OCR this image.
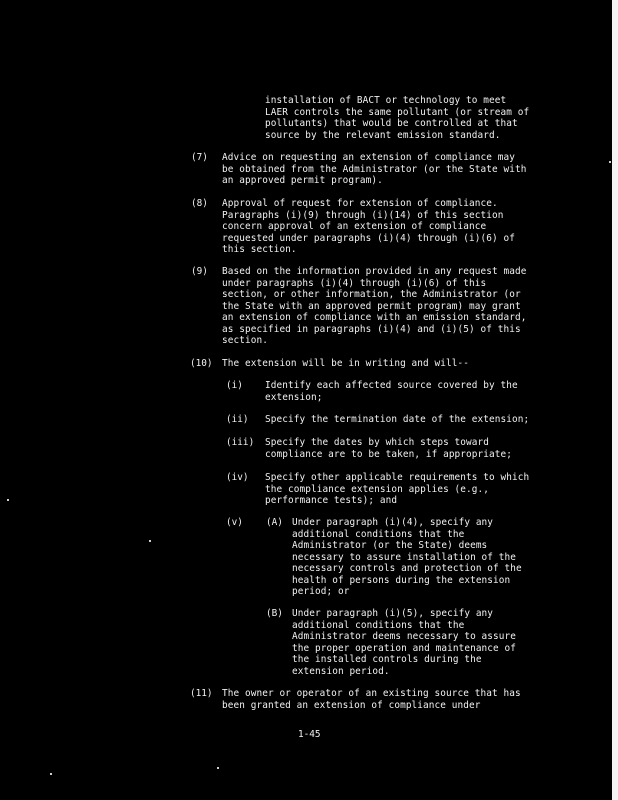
installation of BACT or technology to meet
LAER controls the same pollutant (or stream of
pollutants) that would be controlled at that
source by the relevant emission standard.
(7) Advice on requesting an extension of compliance may
be obtained from the Administrator (or the State with
an approved permit program).
(8) Approval of request for extension of compliance.
Paragraphs (i)(9) through (i)(14) of this section
concern approval of an extension of compliance
requested under paragraphs (i)(4) through (i)(6) of
this section.
(9) Based on the information provided in any request made
under paragraphs (i)(4) through (i)(6) of this
section, or other information, the Administrator (or
the State with an approved permit program) may grant
an extension of compliance with an emission standard,
as specified in paragraphs (i)(4) and (i)(5) of this
section.
(10) The extension will be in writing and will--
(i) Identify each affected source covered by the
extension;
(ii) Specify the termination date of the extension;
(iii) Specify the dates by which steps toward
compliance are to be taken, if appropriate;
(iv) Specify other applicable requirements to which
the compliance extension applies (e.g.,
performance tests); and
(v) (A) Under paragraph (i)(4), specify any
additional conditions that the
Administrator (or the State) deems
necessary to assure installation of the
necessary controls and protection of the
health of persons during the extension
period; or
(B) Under paragraph (i)(5), specify any
additional conditions that the
Administrator deems necessary to assure
the proper operation and maintenance of
the installed controls during the
extension period.
(11) The owner or operator of an existing source that has
been granted an extension of compliance under
1-45
